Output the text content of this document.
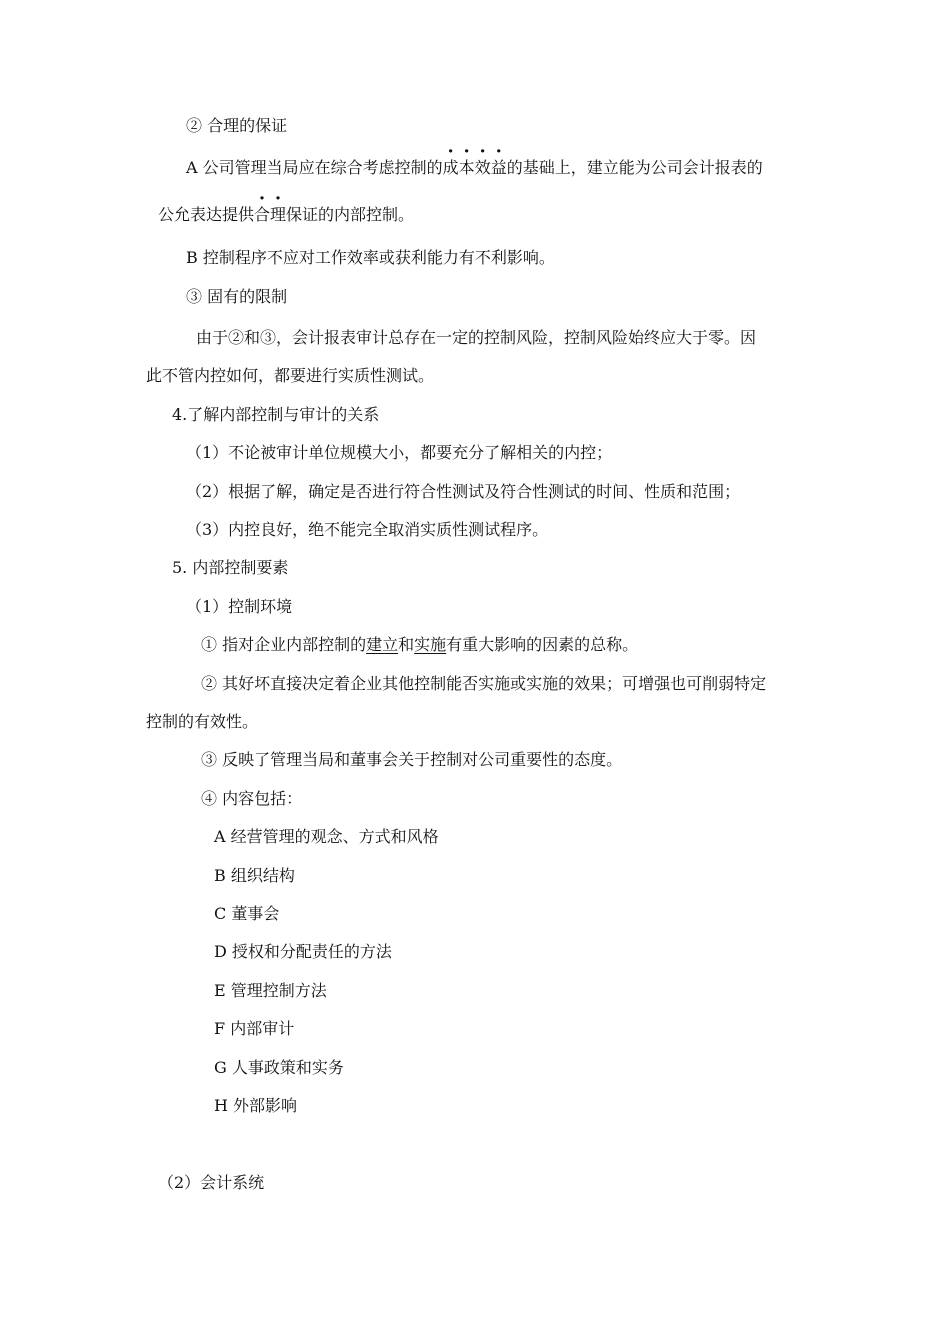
② 合理的保证

A 公司管理当局应在综合考虑控制的成本效益的基础上，建立能为公司会计报表的

公允表达提供合理保证的内部控制。

B 控制程序不应对工作效率或获利能力有不利影响。

③ 固有的限制

由于②和③，会计报表审计总存在一定的控制风险，控制风险始终应大于零。因

此不管内控如何，都要进行实质性测试。

4.了解内部控制与审计的关系

（1）不论被审计单位规模大小，都要充分了解相关的内控；

（2）根据了解，确定是否进行符合性测试及符合性测试的时间、性质和范围；

（3）内控良好，绝不能完全取消实质性测试程序。

5. 内部控制要素

（1）控制环境

① 指对企业内部控制的建立和实施有重大影响的因素的总称。

② 其好坏直接决定着企业其他控制能否实施或实施的效果；可增强也可削弱特定

控制的有效性。

③ 反映了管理当局和董事会关于控制对公司重要性的态度。

④ 内容包括：

A 经营管理的观念、方式和风格

B 组织结构

C 董事会

D 授权和分配责任的方法

E 管理控制方法

F 内部审计

G 人事政策和实务

H 外部影响

（2）会计系统
